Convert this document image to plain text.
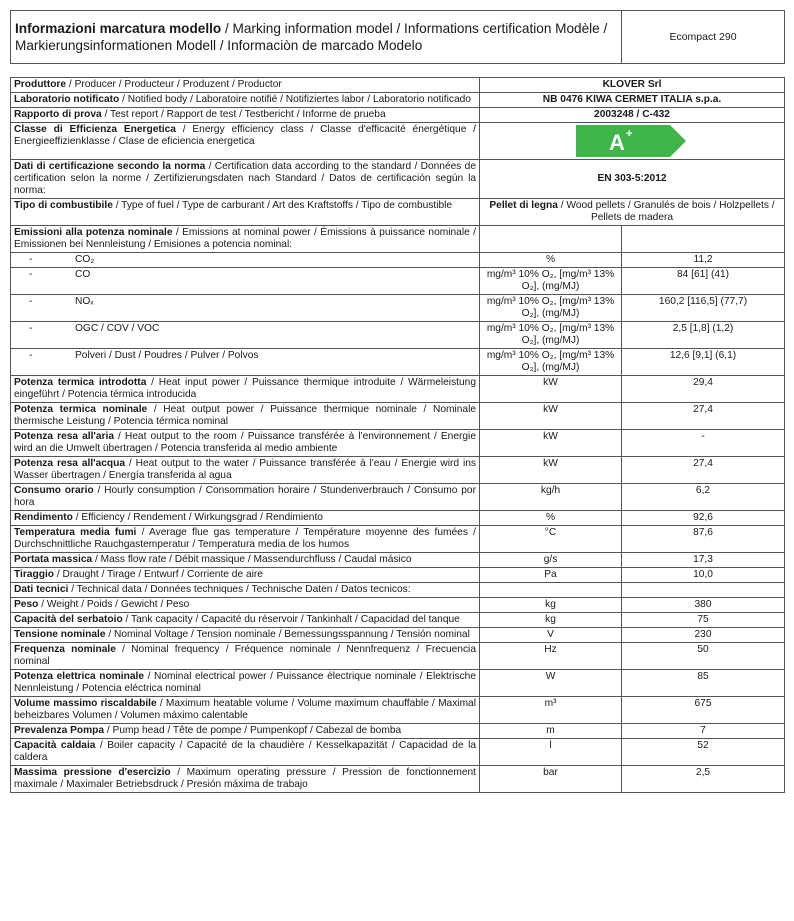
Informazioni marcatura modello / Marking information model / Informations certification Modèle / Markierungsinformationen Modell / Informaciòn de marcado Modelo		Ecompact 290

Produttore / Producer / Producteur / Produzent / Productor	KLOVER Srl	
Laboratorio notificato / Notified body / Laboratoire notifié / Notifiziertes labor / Laboratorio notificado	NB 0476 KIWA CERMET ITALIA s.p.a.	
Rapporto di prova / Test report / Rapport de test / Testbericht / Informe de prueba	2003248 / C-432	
Classe di Efficienza Energetica / Energy efficiency class / Classe d'efficacité énergétique / Energieeffizienklasse / Clase de eficiencia energetica	A +	

Dati di certificazione secondo la norma / Certification data according to the standard / Données de certification selon la norme / Zertifizierungsdaten nach Standard / Datos de certificación según la norma:	EN 303-5:2012	
Tipo di combustibile / Type of fuel / Type de carburant / Art des Kraftstoffs / Tipo de combustible	Pellet di legna / Wood pellets / Granulés de bois / Holzpellets / Pellets de madera	
Emissioni alla potenza nominale / Emissions at nominal power / Émissions à puissance nominale / Emissionen bei Nennleistung / Emisiones a potencia nominal:		
- CO₂	%	11,2
- CO	mg/m³ 10% O₂, [mg/m³ 13% O₂], (mg/MJ)	84 [61] (41)
- NOₓ	mg/m³ 10% O₂, [mg/m³ 13% O₂], (mg/MJ)	160,2 [116,5] (77,7)
- OGC / COV / VOC	mg/m³ 10% O₂, [mg/m³ 13% O₂], (mg/MJ)	2,5 [1,8] (1,2)
- Polveri / Dust / Poudres / Pulver / Polvos	mg/m³ 10% O₂, [mg/m³ 13% O₂], (mg/MJ)	12,6 [9,1] (6,1)
Potenza termica introdotta / Heat input power / Puissance thermique introduite / Wärmeleistung eingeführt / Potencia térmica introducida	kW	29,4
Potenza termica nominale / Heat output power / Puissance thermique nominale / Nominale thermische Leistung / Potencia térmica nominal	kW	27,4
Potenza resa all'aria / Heat output to the room / Puissance transférée à l'environnement / Energie wird an die Umwelt übertragen / Potencia transferida al medio ambiente	kW	-
Potenza resa all'acqua / Heat output to the water / Puissance transférée à l'eau / Energie wird ins Wasser übertragen / Energía transferida al agua	kW	27,4
Consumo orario / Hourly consumption / Consommation horaire / Stundenverbrauch / Consumo por hora	kg/h	6,2
Rendimento / Efficiency / Rendement / Wirkungsgrad / Rendimiento	%	92,6
Temperatura media fumi / Average flue gas temperature / Température moyenne des fumées / Durchschnittliche Rauchgastemperatur / Temperatura media de los humos	°C	87,6
Portata massica / Mass flow rate / Débit massique / Massendurchfluss / Caudal másico	g/s	17,3
Tiraggio / Draught / Tirage / Entwurf / Corriente de aire	Pa	10,0
Dati tecnici / Technical data / Données techniques / Technische Daten / Datos tecnicos:		
Peso / Weight / Poids / Gewicht / Peso	kg	380
Capacità del serbatoio / Tank capacity / Capacité du réservoir / Tankinhalt / Capacidad del tanque	kg	75
Tensione nominale / Nominal Voltage / Tension nominale / Bemessungsspannung / Tensión nominal	V	230
Frequenza nominale / Nominal frequency / Fréquence nominale / Nennfrequenz / Frecuencia nominal	Hz	50
Potenza elettrica nominale / Nominal electrical power / Puissance électrique nominale / Elektrische Nennleistung / Potencia eléctrica nominal	W	85
Volume massimo riscaldabile / Maximum heatable volume / Volume maximum chauffable / Maximal beheizbares Volumen / Volumen máximo calentable	m³	675
Prevalenza Pompa / Pump head / Tête de pompe / Pumpenkopf / Cabezal de bomba	m	7
Capacità caldaia / Boiler capacity / Capacité de la chaudière / Kesselkapazität / Capacidad de la caldera	l	52
Massima pressione d'esercizio / Maximum operating pressure / Pression de fonctionnement maximale / Maximaler Betriebsdruck / Presión máxima de trabajo	bar	2,5
